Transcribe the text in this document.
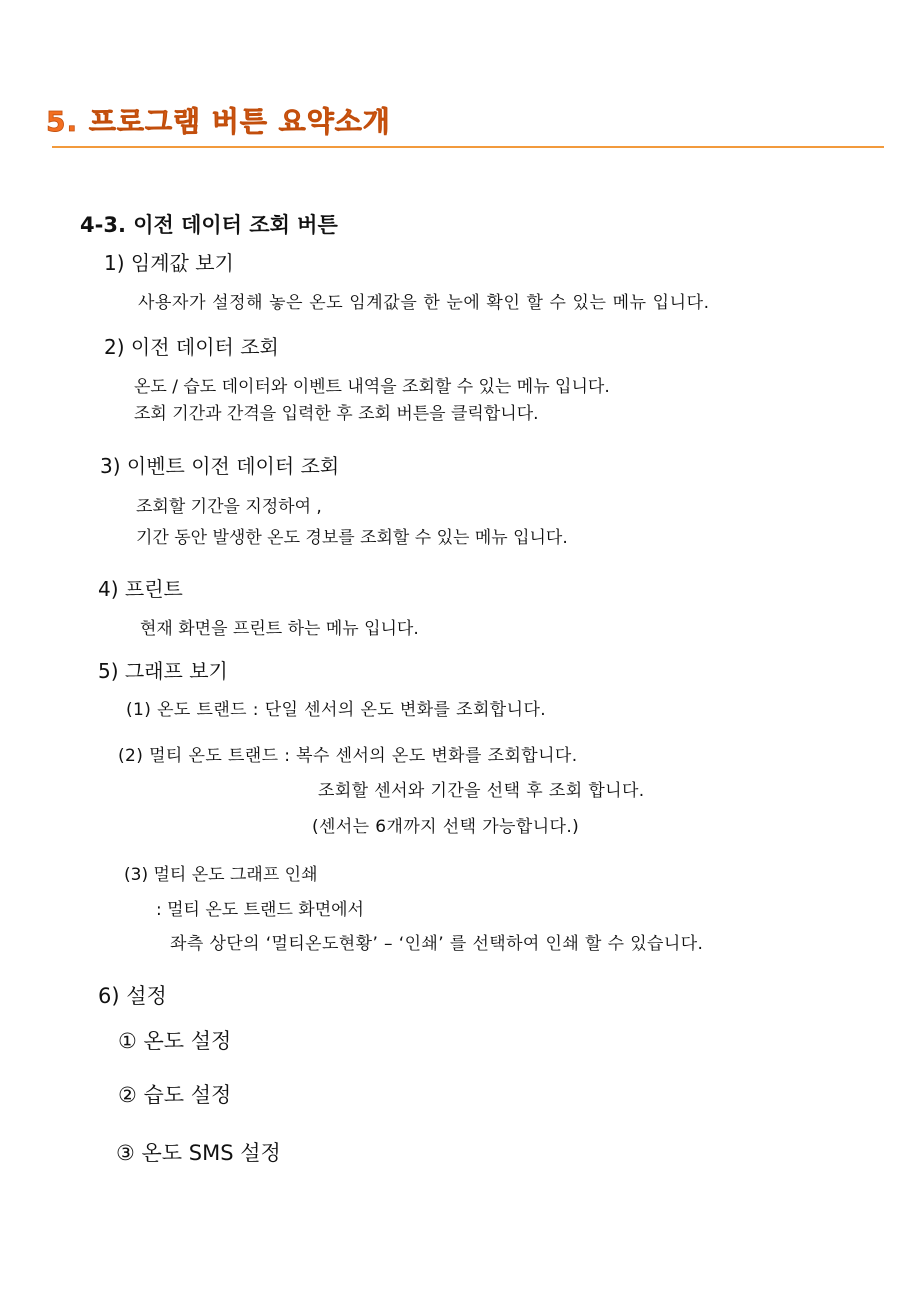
5. 프로그램 버튼 요약소개
4-3. 이전 데이터 조회 버튼
1) 임계값 보기
사용자가 설정해 놓은 온도 임계값을 한 눈에 확인 할 수 있는 메뉴 입니다.
2) 이전 데이터 조회
온도 / 습도 데이터와 이벤트 내역을 조회할 수 있는 메뉴 입니다.
조회 기간과 간격을 입력한 후 조회 버튼을 클릭합니다.
3) 이벤트 이전 데이터 조회
조회할 기간을 지정하여 ,
기간 동안 발생한 온도 경보를 조회할 수 있는 메뉴 입니다.
4) 프린트
현재 화면을 프린트 하는 메뉴 입니다.
5) 그래프 보기
(1) 온도 트랜드 : 단일 센서의 온도 변화를 조회합니다.
(2) 멀티 온도 트랜드 : 복수 센서의 온도 변화를 조회합니다.
조회할 센서와 기간을 선택 후 조회 합니다.
(센서는 6개까지 선택 가능합니다.)
(3) 멀티 온도 그래프 인쇄
: 멀티 온도 트랜드 화면에서
좌측 상단의 ‘멀티온도현황’ – ‘인쇄’ 를 선택하여 인쇄 할 수 있습니다.
6) 설정
① 온도 설정
② 습도 설정
③ 온도 SMS 설정
